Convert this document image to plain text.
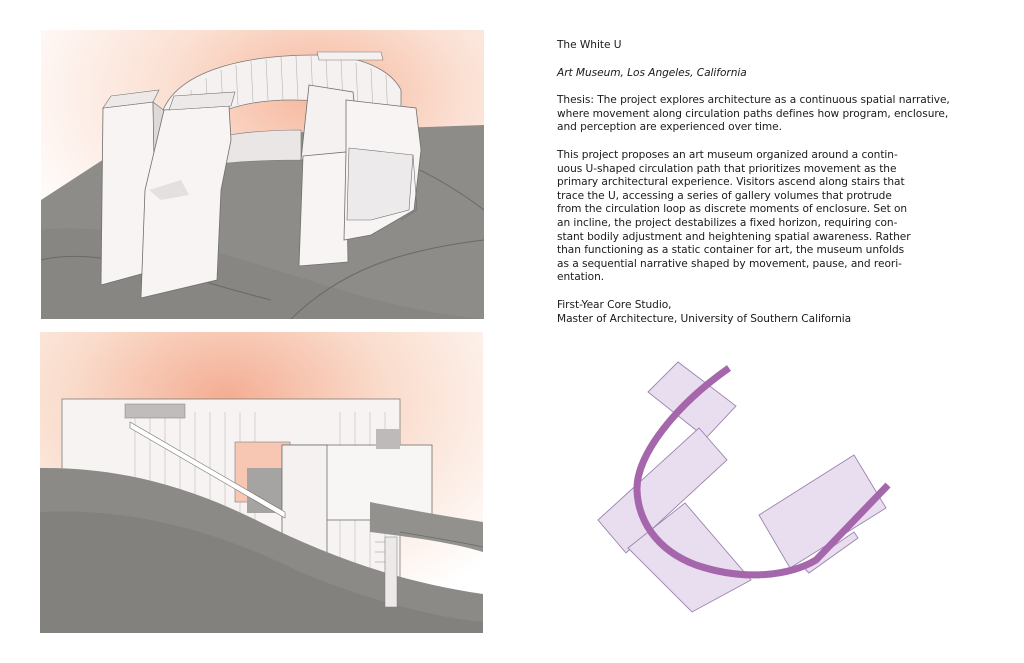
The White U

Art Museum, Los Angeles, California

Thesis: The project explores architecture as a continuous spatial narrative, where movement along circulation paths defines how program, enclosure, and perception are experienced over time.

This project proposes an art museum organized around a contin-
uous U-shaped circulation path that prioritizes movement as the
primary architectural experience. Visitors ascend along stairs that
trace the U, accessing a series of gallery volumes that protrude
from the circulation loop as discrete moments of enclosure. Set on
an incline, the project destabilizes a fixed horizon, requiring con-
stant bodily adjustment and heightening spatial awareness. Rather
than functioning as a static container for art, the museum unfolds
as a sequential narrative shaped by movement, pause, and reori-
entation.

First-Year Core Studio,
Master of Architecture, University of Southern California
